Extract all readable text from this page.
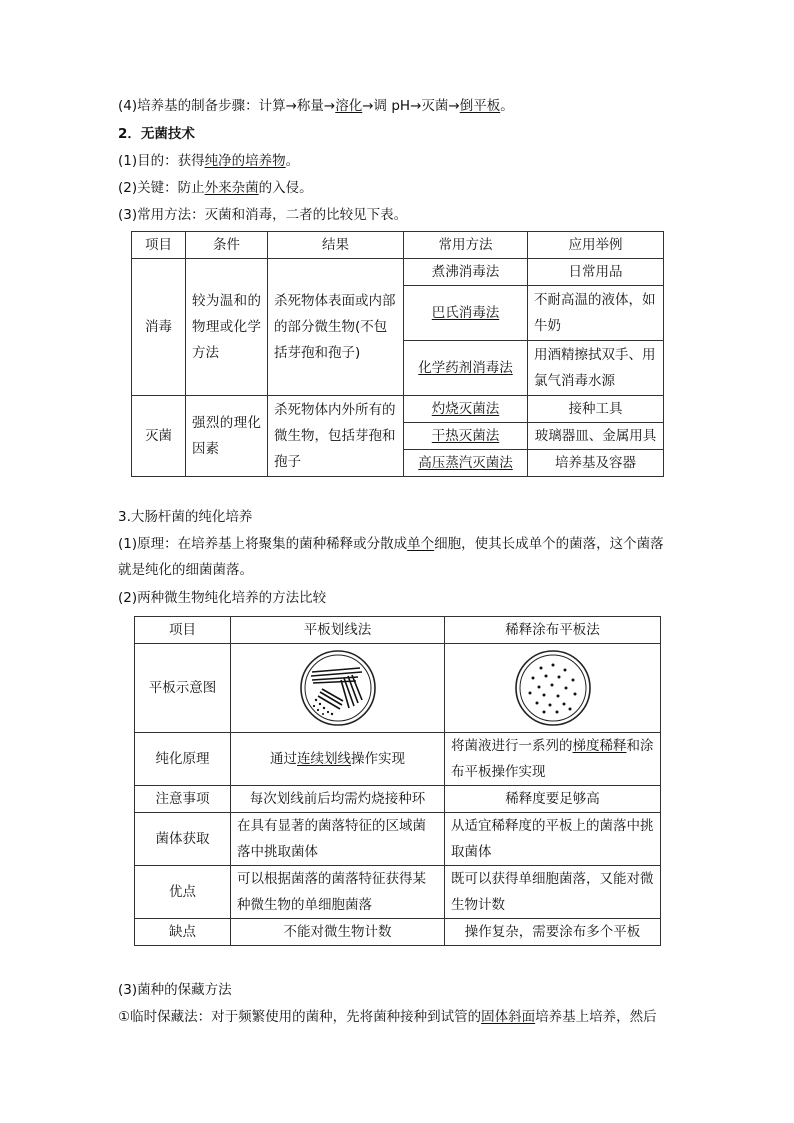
(4)培养基的制备步骤：计算→称量→溶化→调 pH→灭菌→倒平板。
2．无菌技术
(1)目的：获得纯净的培养物。
(2)关键：防止外来杂菌的入侵。
(3)常用方法：灭菌和消毒，二者的比较见下表。
项目	条件	结果	常用方法	应用举例
消毒	较为温和的物理或化学方法	杀死物体表面或内部的部分微生物(不包括芽孢和孢子)	煮沸消毒法	日常用品
			巴氏消毒法	不耐高温的液体，如牛奶
			化学药剂消毒法	用酒精擦拭双手、用氯气消毒水源
灭菌	强烈的理化因素	杀死物体内外所有的微生物，包括芽孢和孢子	灼烧灭菌法	接种工具
			干热灭菌法	玻璃器皿、金属用具
			高压蒸汽灭菌法	培养基及容器
3.大肠杆菌的纯化培养
(1)原理：在培养基上将聚集的菌种稀释或分散成单个细胞，使其长成单个的菌落，这个菌落
就是纯化的细菌菌落。
(2)两种微生物纯化培养的方法比较
项目	平板划线法	稀释涂布平板法
平板示意图	

纯化原理	通过连续划线操作实现	将菌液进行一系列的梯度稀释和涂布平板操作实现
注意事项	每次划线前后均需灼烧接种环	稀释度要足够高
菌体获取	在具有显著的菌落特征的区域菌落中挑取菌体	从适宜稀释度的平板上的菌落中挑取菌体
优点	可以根据菌落的菌落特征获得某种微生物的单细胞菌落	既可以获得单细胞菌落，又能对微生物计数
缺点	不能对微生物计数	操作复杂，需要涂布多个平板
(3)菌种的保藏方法
①临时保藏法：对于频繁使用的菌种，先将菌种接种到试管的固体斜面培养基上培养，然后
